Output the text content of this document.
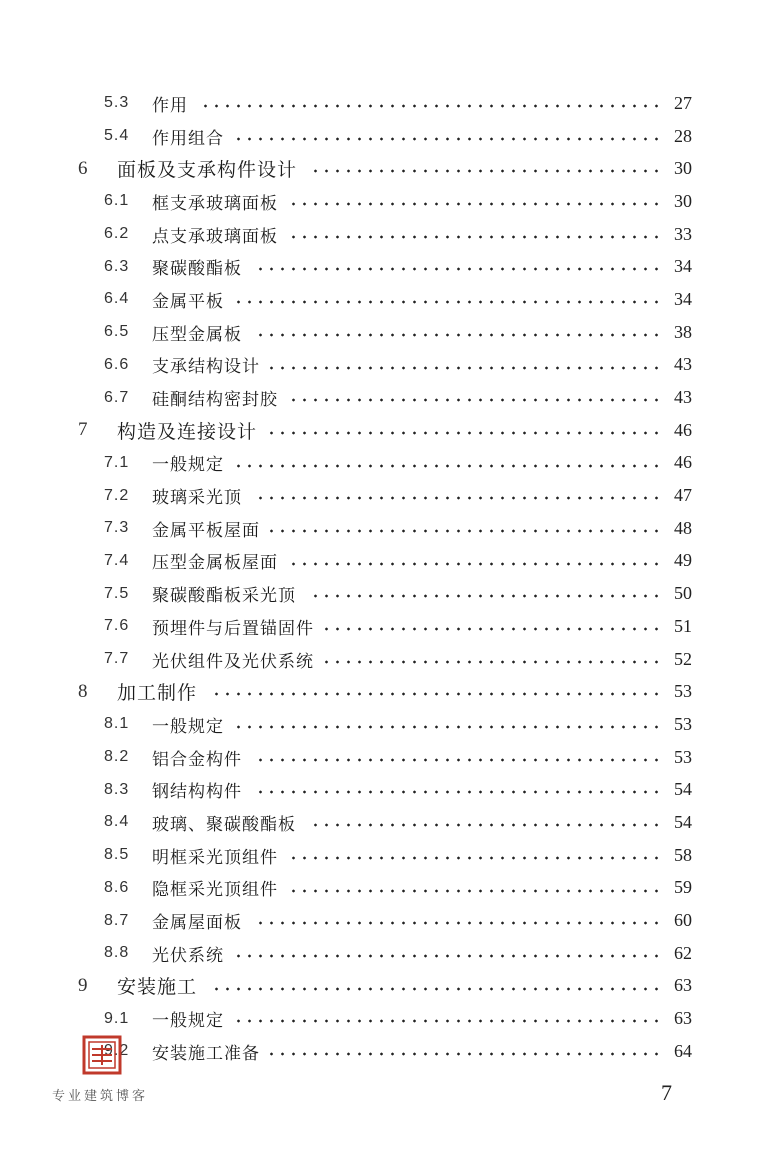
5.3 作用	27
5.4 作用组合	28
6 面板及支承构件设计	30
6.1 框支承玻璃面板	30
6.2 点支承玻璃面板	33
6.3 聚碳酸酯板	34
6.4 金属平板	34
6.5 压型金属板	38
6.6 支承结构设计	43
6.7 硅酮结构密封胶	43
7 构造及连接设计	46
7.1 一般规定	46
7.2 玻璃采光顶	47
7.3 金属平板屋面	48
7.4 压型金属板屋面	49
7.5 聚碳酸酯板采光顶	50
7.6 预埋件与后置锚固件	51
7.7 光伏组件及光伏系统	52
8 加工制作	53
8.1 一般规定	53
8.2 铝合金构件	53
8.3 钢结构构件	54
8.4 玻璃、聚碳酸酯板	54
8.5 明框采光顶组件	58
8.6 隐框采光顶组件	59
8.7 金属屋面板	60
8.8 光伏系统	62
9 安装施工	63
9.1 一般规定	63
9.2 安装施工准备	64
专业建筑博客	7
